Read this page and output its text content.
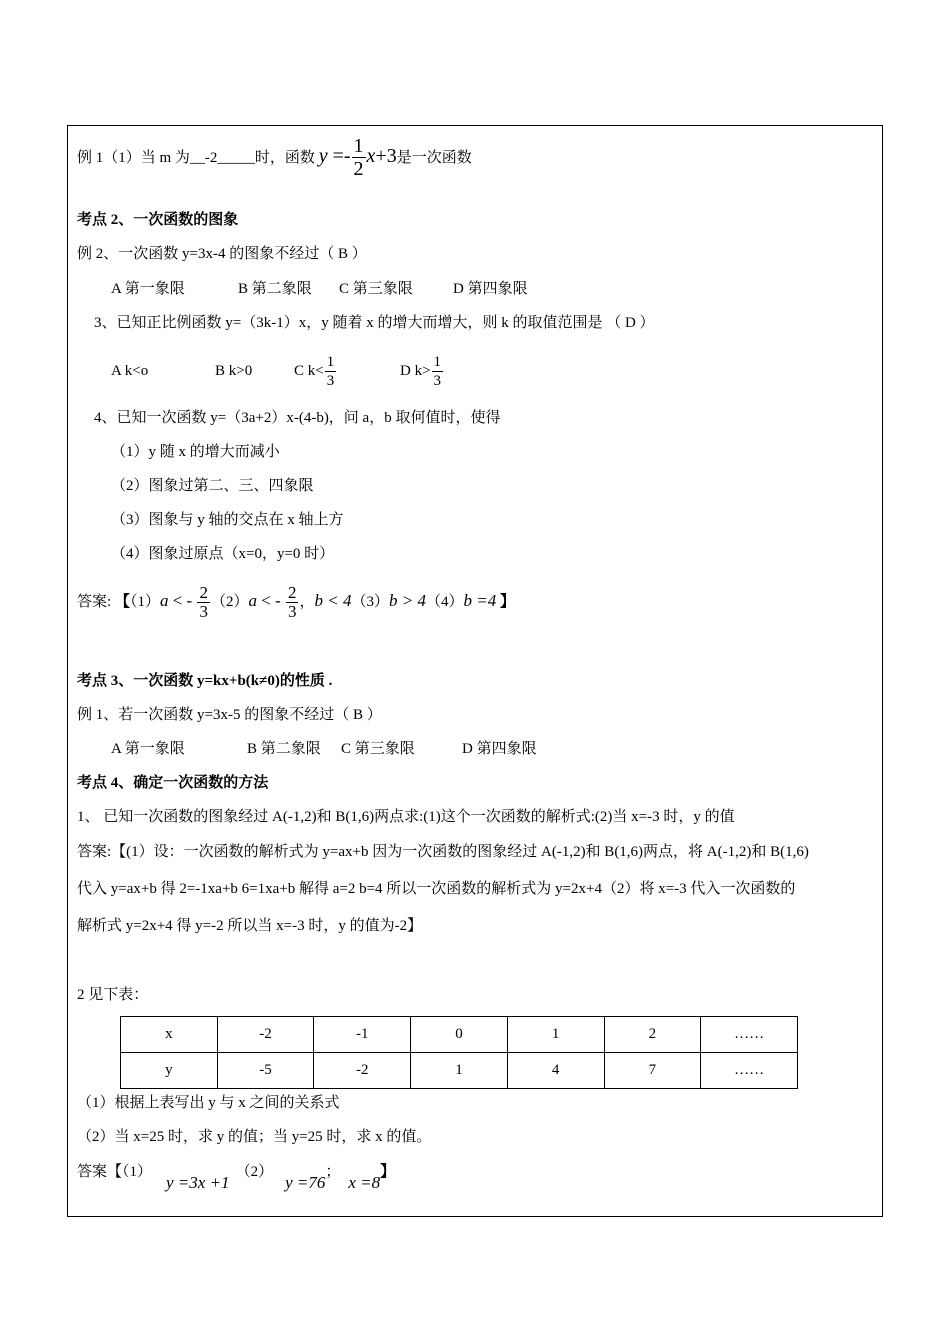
例 1（1）当 m 为__-2_____时，函数 $y =- \frac{1}{2} x+3$是一次函数
考点 2、一次函数的图象
例 2、一次函数 y=3x-4 的图象不经过（ B ）
A 第一象限	B 第二象限 C 第三象限	D 第四象限
3、已知正比例函数 y=（3k-1）x，y 随着 x 的增大而增大，则 k 的取值范围是 （ D ）
A k<o	B k>0	C $k< \frac{1}{3}$	D $k> \frac{1}{3}$
4、已知一次函数 y=（3a+2）x-(4-b)，问 a，b 取何值时，使得
（1）y 随 x 的增大而减小
（2）图象过第二、三、四象限
（3）图象与 y 轴的交点在 x 轴上方
（4）图象过原点（x=0，y=0 时）
答案: 【（1）a < - $\frac{2}{3} (2)a$ < - $\frac{2}{3}$ ，b < 4（3）b > 4（4）b =4 】
考点 3、一次函数 y=kx+b(k≠0)的性质 .
例 1、若一次函数 y=3x-5 的图象不经过（ B ）
A 第一象限	B 第二象限 C 第三象限	D 第四象限
考点 4、确定一次函数的方法
1、 已知一次函数的图象经过 A(-1,2)和 B(1,6)两点求:(1)这个一次函数的解析式:(2)当 x=-3 时，y 的值
答案:【(1）设：一次函数的解析式为 y=ax+b 因为一次函数的图象经过 A(-1,2)和 B(1,6)两点，将 A(-1,2)和 B(1,6)
代入 y=ax+b 得 2=-1xa+b 6=1xa+b 解得 a=2 b=4 所以一次函数的解析式为 y=2x+4（2）将 x=-3 代入一次函数的
解析式 y=2x+4 得 y=-2 所以当 x=-3 时，y 的值为-2】
2 见下表：
x	-2	-1	0	1	2	……
y	-5	-2	1	4	7	……
（1）根据上表写出 y 与 x 之间的关系式
（2）当 x=25 时，求 y 的值；当 y=25 时，求 x 的值。
答案【（1）y =3x +1（2）y =76；x =8】
